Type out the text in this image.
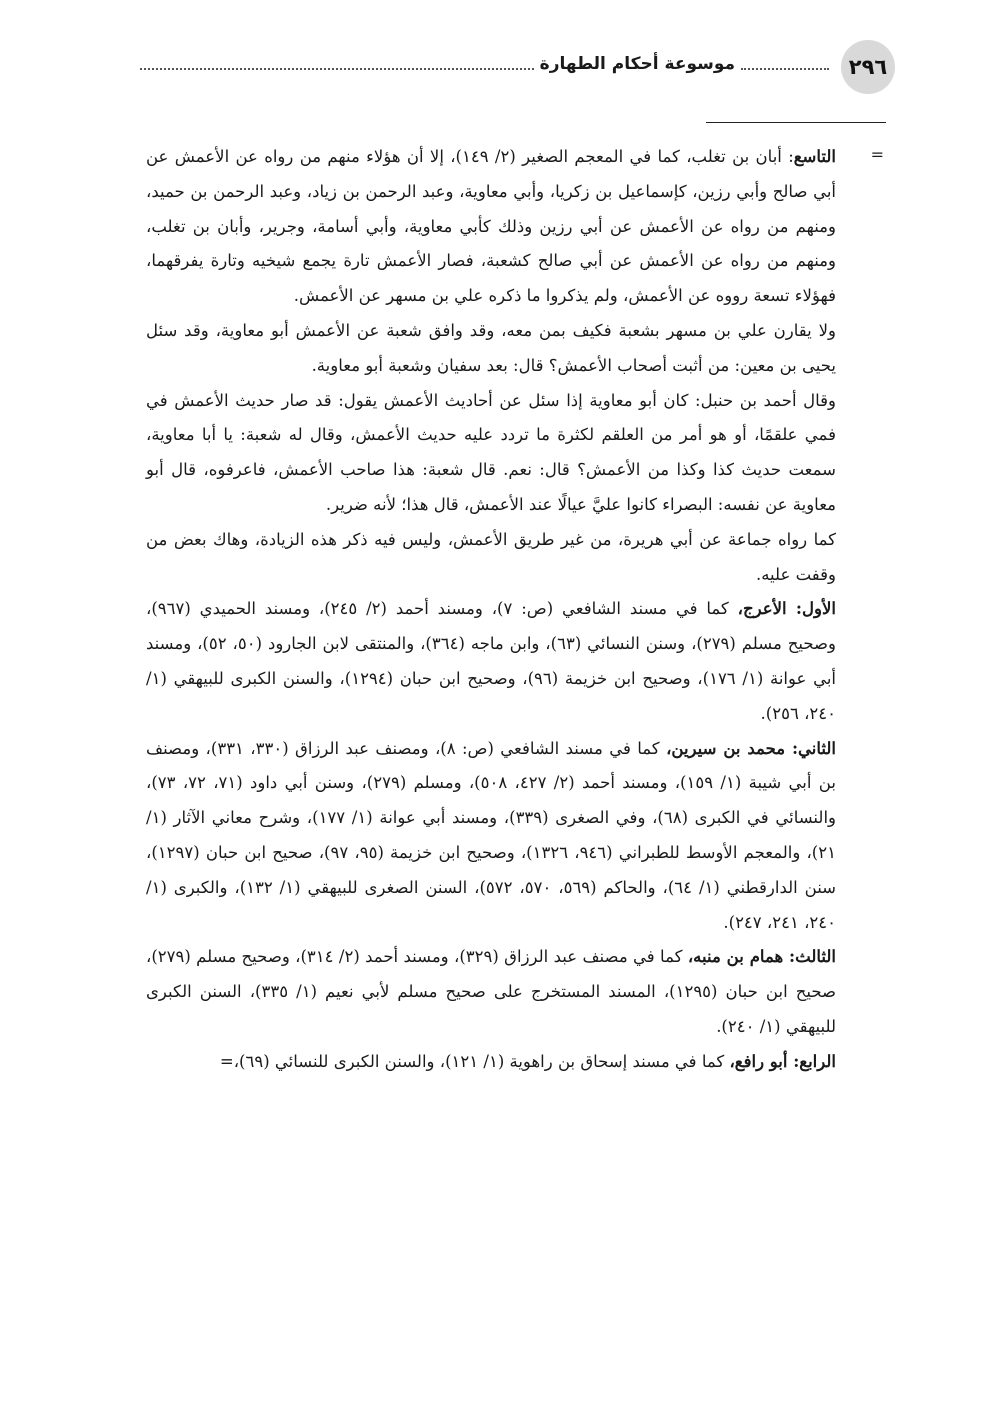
٢٩٦
موسوعة أحكام الطهارة
=

التاسع: أبان بن تغلب، كما في المعجم الصغير (٢/ ١٤٩)، إلا أن هؤلاء منهم من رواه عن الأعمش عن أبي صالح وأبي رزين، كإسماعيل بن زكريا، وأبي معاوية، وعبد الرحمن بن زياد، وعبد الرحمن بن حميد، ومنهم من رواه عن الأعمش عن أبي رزين وذلك كأبي معاوية، وأبي أسامة، وجرير، وأبان بن تغلب، ومنهم من رواه عن الأعمش عن أبي صالح كشعبة، فصار الأعمش تارة يجمع شيخيه وتارة يفرقهما، فهؤلاء تسعة رووه عن الأعمش، ولم يذكروا ما ذكره علي بن مسهر عن الأعمش.

ولا يقارن علي بن مسهر بشعبة فكيف بمن معه، وقد وافق شعبة عن الأعمش أبو معاوية، وقد سئل يحيى بن معين: من أثبت أصحاب الأعمش؟ قال: بعد سفيان وشعبة أبو معاوية.

وقال أحمد بن حنبل: كان أبو معاوية إذا سئل عن أحاديث الأعمش يقول: قد صار حديث الأعمش في فمي علقمًا، أو هو أمر من العلقم لكثرة ما تردد عليه حديث الأعمش، وقال له شعبة: يا أبا معاوية، سمعت حديث كذا وكذا من الأعمش؟ قال: نعم. قال شعبة: هذا صاحب الأعمش، فاعرفوه، قال أبو معاوية عن نفسه: البصراء كانوا عليَّ عيالًا عند الأعمش، قال هذا؛ لأنه ضرير.

كما رواه جماعة عن أبي هريرة، من غير طريق الأعمش، وليس فيه ذكر هذه الزيادة، وهاك بعض من وقفت عليه.

الأول: الأعرج، كما في مسند الشافعي (ص: ٧)، ومسند أحمد (٢/ ٢٤٥)، ومسند الحميدي (٩٦٧)، وصحيح مسلم (٢٧٩)، وسنن النسائي (٦٣)، وابن ماجه (٣٦٤)، والمنتقى لابن الجارود (٥٠، ٥٢)، ومسند أبي عوانة (١/ ١٧٦)، وصحيح ابن خزيمة (٩٦)، وصحيح ابن حبان (١٢٩٤)، والسنن الكبرى للبيهقي (١/ ٢٤٠، ٢٥٦).

الثاني: محمد بن سيرين، كما في مسند الشافعي (ص: ٨)، ومصنف عبد الرزاق (٣٣٠، ٣٣١)، ومصنف بن أبي شيبة (١/ ١٥٩)، ومسند أحمد (٢/ ٤٢٧، ٥٠٨)، ومسلم (٢٧٩)، وسنن أبي داود (٧١، ٧٢، ٧٣)، والنسائي في الكبرى (٦٨)، وفي الصغرى (٣٣٩)، ومسند أبي عوانة (١/ ١٧٧)، وشرح معاني الآثار (١/ ٢١)، والمعجم الأوسط للطبراني (٩٤٦، ١٣٢٦)، وصحيح ابن خزيمة (٩٥، ٩٧)، صحيح ابن حبان (١٢٩٧)، سنن الدارقطني (١/ ٦٤)، والحاكم (٥٦٩، ٥٧٠، ٥٧٢)، السنن الصغرى للبيهقي (١/ ١٣٢)، والكبرى (١/ ٢٤٠، ٢٤١، ٢٤٧).

الثالث: همام بن منبه، كما في مصنف عبد الرزاق (٣٢٩)، ومسند أحمد (٢/ ٣١٤)، وصحيح مسلم (٢٧٩)، صحيح ابن حبان (١٢٩٥)، المسند المستخرج على صحيح مسلم لأبي نعيم (١/ ٣٣٥)، السنن الكبرى للبيهقي (١/ ٢٤٠).

الرابع: أبو رافع، كما في مسند إسحاق بن راهوية (١/ ١٢١)، والسنن الكبرى للنسائي (٦٩)،=
